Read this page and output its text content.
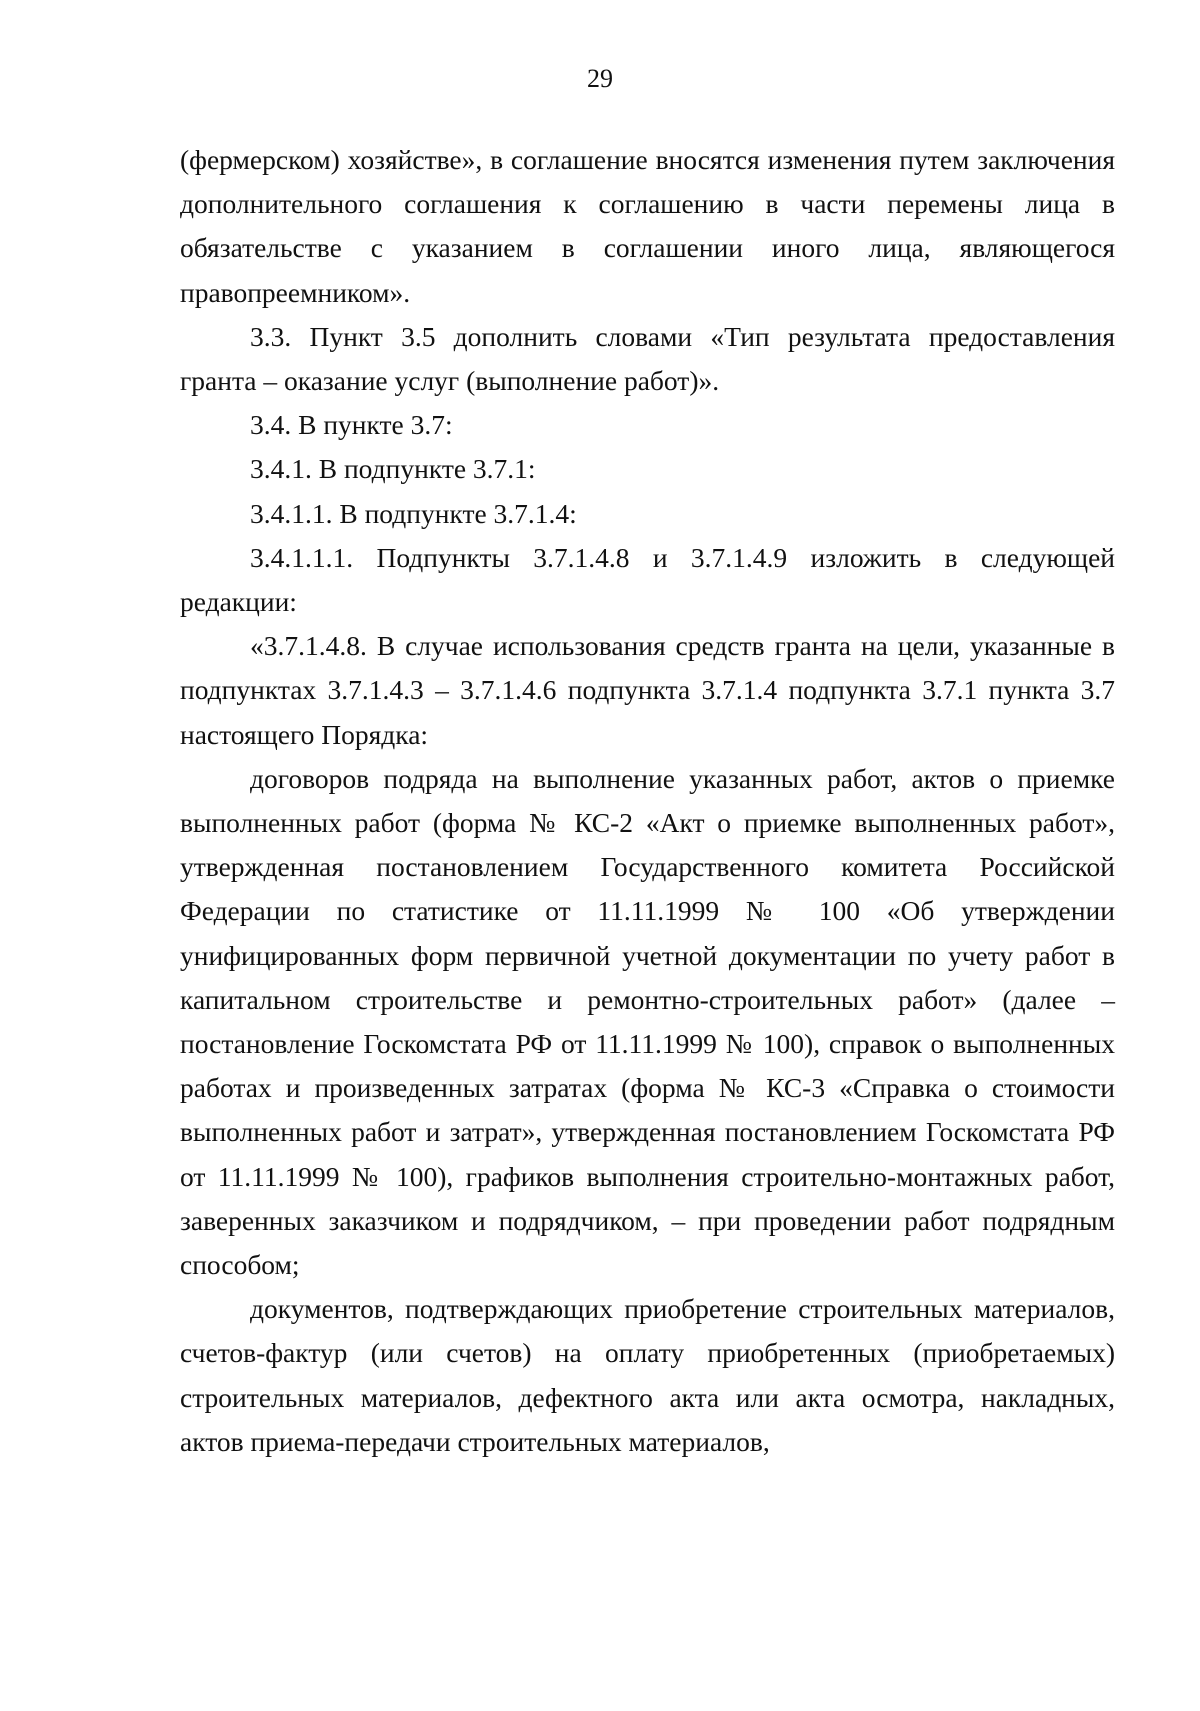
29

(фермерском) хозяйстве», в соглашение вносятся изменения путем заключения дополнительного соглашения к соглашению в части перемены лица в обязательстве с указанием в соглашении иного лица, являющегося правопреемником».

3.3. Пункт 3.5 дополнить словами «Тип результата предоставления гранта – оказание услуг (выполнение работ)».

3.4. В пункте 3.7:

3.4.1. В подпункте 3.7.1:

3.4.1.1. В подпункте 3.7.1.4:

3.4.1.1.1. Подпункты 3.7.1.4.8 и 3.7.1.4.9 изложить в следующей редакции:

«3.7.1.4.8. В случае использования средств гранта на цели, указанные в подпунктах 3.7.1.4.3 – 3.7.1.4.6 подпункта 3.7.1.4 подпункта 3.7.1 пункта 3.7 настоящего Порядка:

договоров подряда на выполнение указанных работ, актов о приемке выполненных работ (форма № КС-2 «Акт о приемке выполненных работ», утвержденная постановлением Государственного комитета Российской Федерации по статистике от 11.11.1999 № 100 «Об утверждении унифицированных форм первичной учетной документации по учету работ в капитальном строительстве и ремонтно-строительных работ» (далее – постановление Госкомстата РФ от 11.11.1999 № 100), справок о выполненных работах и произведенных затратах (форма № КС-3 «Справка о стоимости выполненных работ и затрат», утвержденная постановлением Госкомстата РФ от 11.11.1999 № 100), графиков выполнения строительно-монтажных работ, заверенных заказчиком и подрядчиком, – при проведении работ подрядным способом;

документов, подтверждающих приобретение строительных материалов, счетов-фактур (или счетов) на оплату приобретенных (приобретаемых) строительных материалов, дефектного акта или акта осмотра, накладных, актов приема-передачи строительных материалов,
